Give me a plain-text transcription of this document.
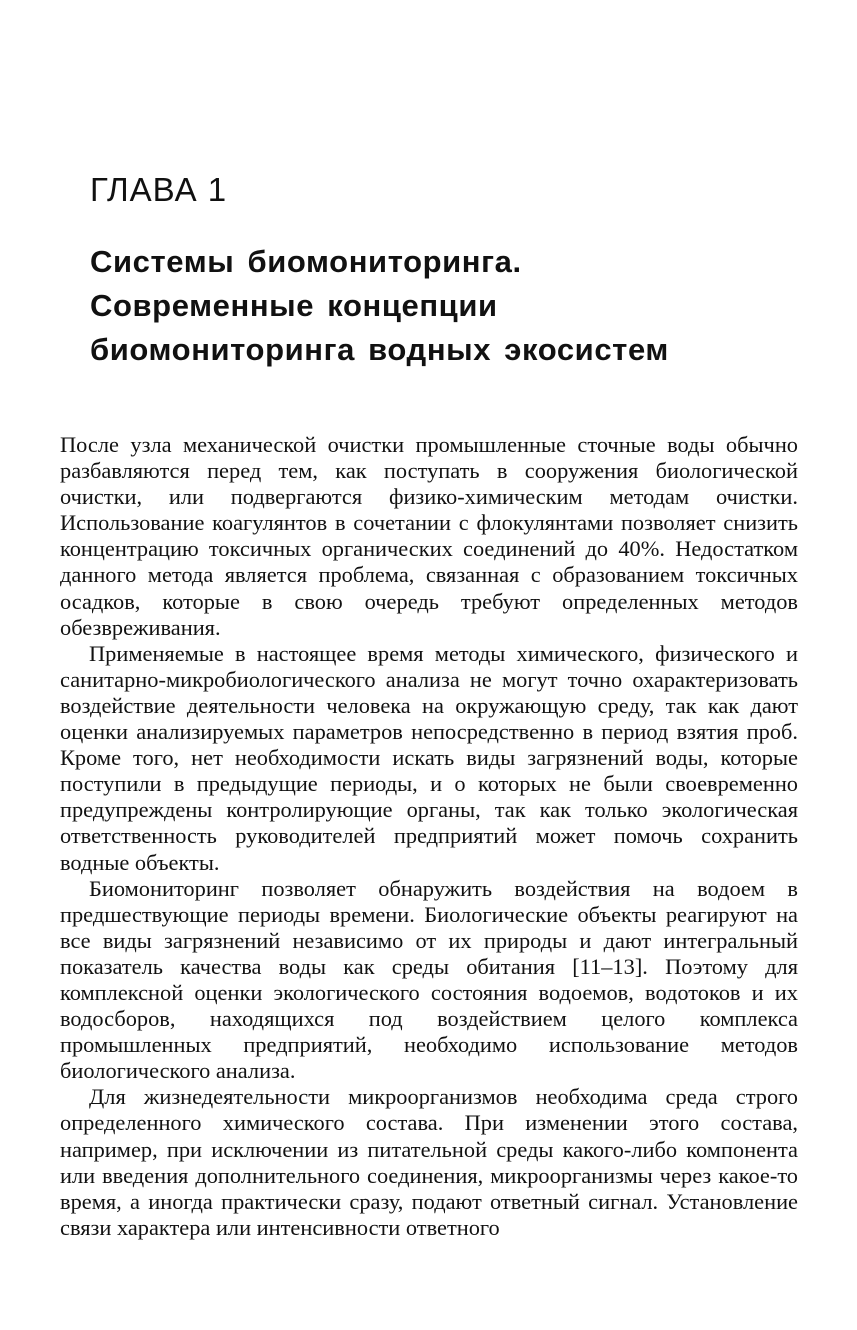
ГЛАВА 1
Системы биомониторинга.
Современные концепции
биомониторинга водных экосистем

После узла механической очистки промышленные сточные воды обычно разбавляются перед тем, как поступать в сооружения биологической очистки, или подвергаются физико-химическим методам очистки. Использование коагулянтов в сочетании с флокулянтами позволяет снизить концентрацию токсичных органических соединений до 40%. Недостатком данного метода является проблема, связанная с образованием токсичных осадков, которые в свою очередь требуют определенных методов обезвреживания.

Применяемые в настоящее время методы химического, физического и санитарно-микробиологического анализа не могут точно охарактеризовать воздействие деятельности человека на окружающую среду, так как дают оценки анализируемых параметров непосредственно в период взятия проб. Кроме того, нет необходимости искать виды загрязнений воды, которые поступили в предыдущие периоды, и о которых не были своевременно предупреждены контролирующие органы, так как только экологическая ответственность руководителей предприятий может помочь сохранить водные объекты.

Биомониторинг позволяет обнаружить воздействия на водоем в предшествующие периоды времени. Биологические объекты реагируют на все виды загрязнений независимо от их природы и дают интегральный показатель качества воды как среды обитания [11–13]. Поэтому для комплексной оценки экологического состояния водоемов, водотоков и их водосборов, находящихся под воздействием целого комплекса промышленных предприятий, необходимо использование методов биологического анализа.

Для жизнедеятельности микроорганизмов необходима среда строго определенного химического состава. При изменении этого состава, например, при исключении из питательной среды какого-либо компонента или введения дополнительного соединения, микроорганизмы через какое-то время, а иногда практически сразу, подают ответный сигнал. Установление связи характера или интенсивности ответного
